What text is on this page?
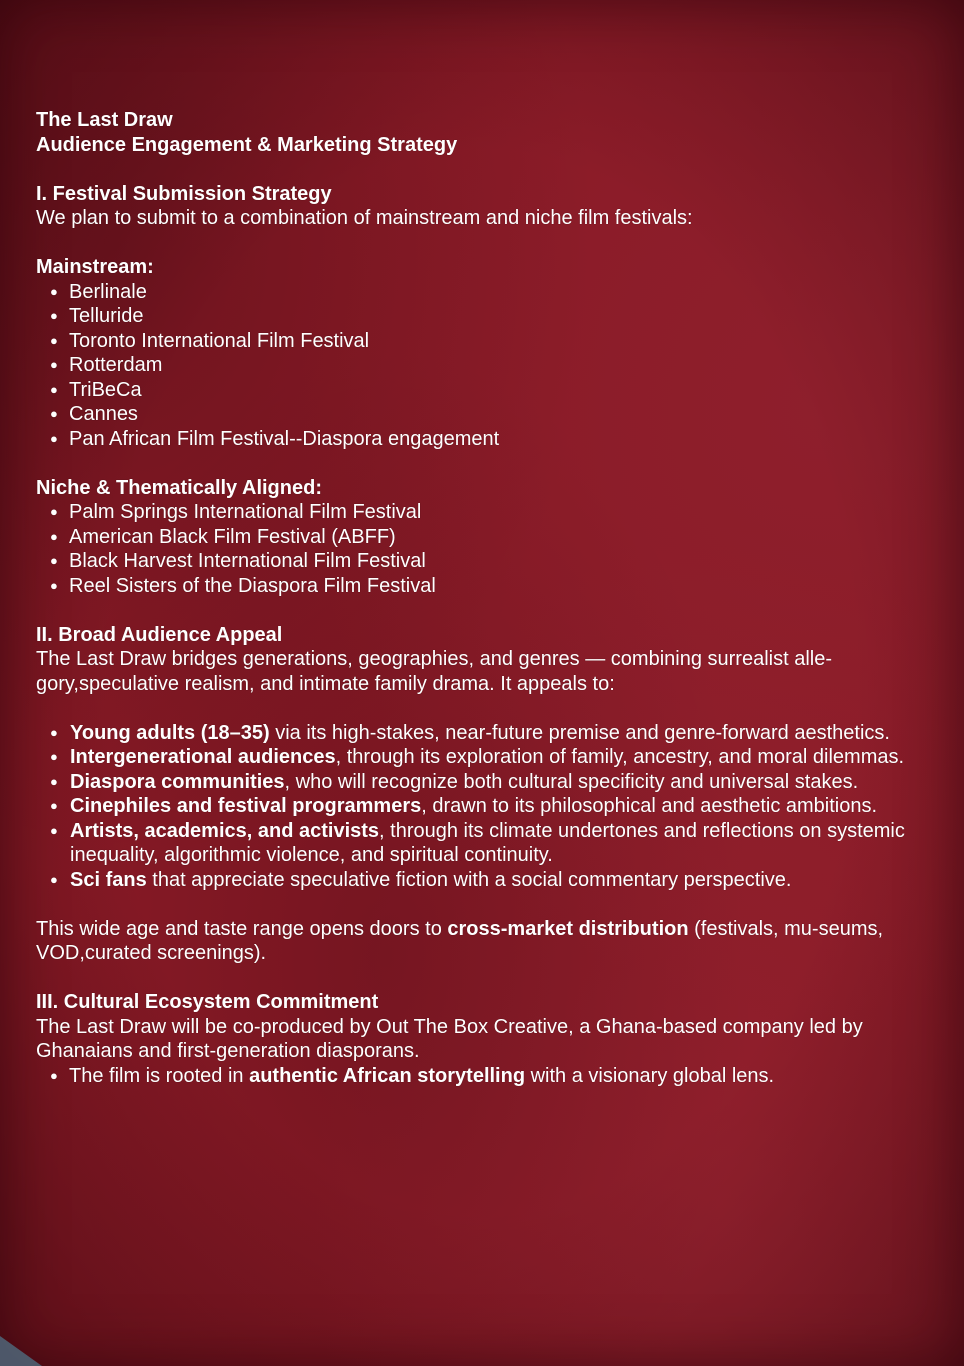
The Last Draw

Audience Engagement & Marketing Strategy

I. Festival Submission Strategy

We plan to submit to a combination of mainstream and niche film festivals:

Mainstream:

● Berlinale
● Telluride
● Toronto International Film Festival
● Rotterdam
● TriBeCa
● Cannes
● Pan African Film Festival--Diaspora engagement

Niche & Thematically Aligned:

● Palm Springs International Film Festival
● American Black Film Festival (ABFF)
● Black Harvest International Film Festival
● Reel Sisters of the Diaspora Film Festival

II. Broad Audience Appeal

The Last Draw bridges generations, geographies, and genres — combining surrealist alle-gory,speculative realism, and intimate family drama. It appeals to:

● Young adults (18–35) via its high-stakes, near-future premise and genre-forward aesthetics.
● Intergenerational audiences, through its exploration of family, ancestry, and moral dilemmas.
● Diaspora communities, who will recognize both cultural specificity and universal stakes.
● Cinephiles and festival programmers, drawn to its philosophical and aesthetic ambitions.
● Artists, academics, and activists, through its climate undertones and reflections on systemic inequality, algorithmic violence, and spiritual continuity.
● Sci fans that appreciate speculative fiction with a social commentary perspective.

This wide age and taste range opens doors to cross-market distribution (festivals, mu-seums, VOD,curated screenings).

III. Cultural Ecosystem Commitment

The Last Draw will be co-produced by Out The Box Creative, a Ghana-based company led by Ghanaians and first-generation diasporans.

● The film is rooted in authentic African storytelling with a visionary global lens.
